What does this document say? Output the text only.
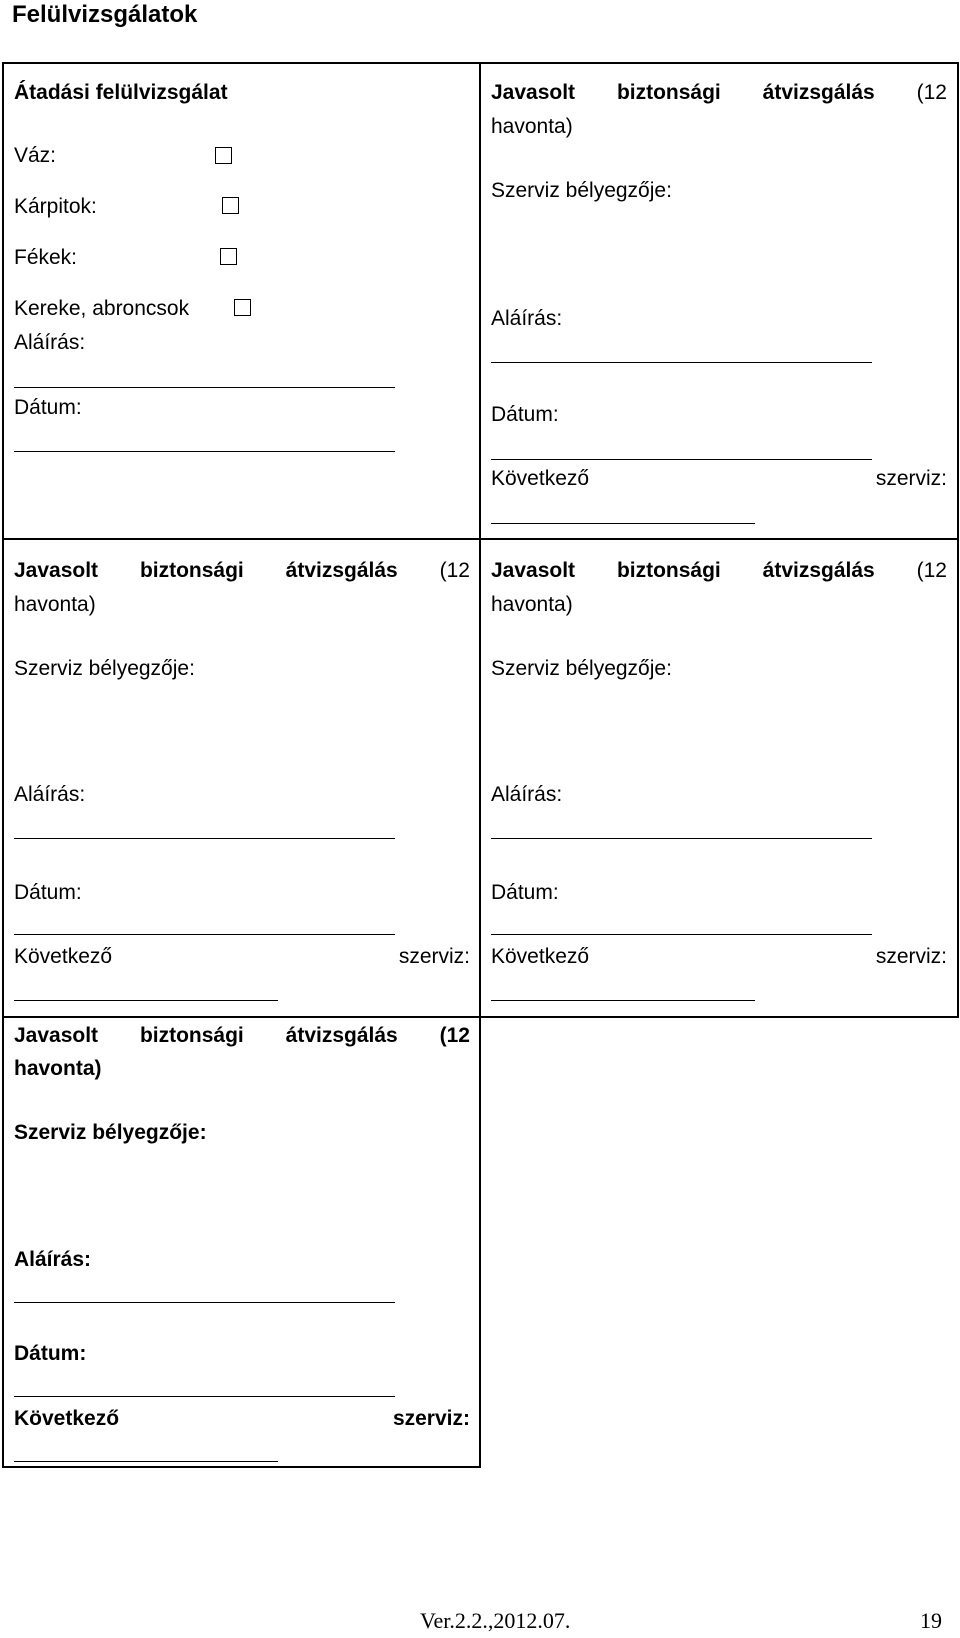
Felülvizsgálatok
Átadási felülvizsgálat
Váz:
Kárpitok:
Fékek:
Kereke, abroncsok
Aláírás:
Dátum:
Javasolt biztonsági átvizsgálás (12
havonta)
Szerviz bélyegzője:
Aláírás:
Dátum:
Következő	szerviz:
Javasolt biztonsági átvizsgálás (12
havonta)
Szerviz bélyegzője:
Aláírás:
Dátum:
Következő	szerviz:
Javasolt biztonsági átvizsgálás (12
havonta)
Szerviz bélyegzője:
Aláírás:
Dátum:
Következő	szerviz:
Javasolt biztonsági átvizsgálás (12
havonta)
Szerviz bélyegzője:
Aláírás:
Dátum:
Következő	szerviz:
Ver.2.2.,2012.07.	19
